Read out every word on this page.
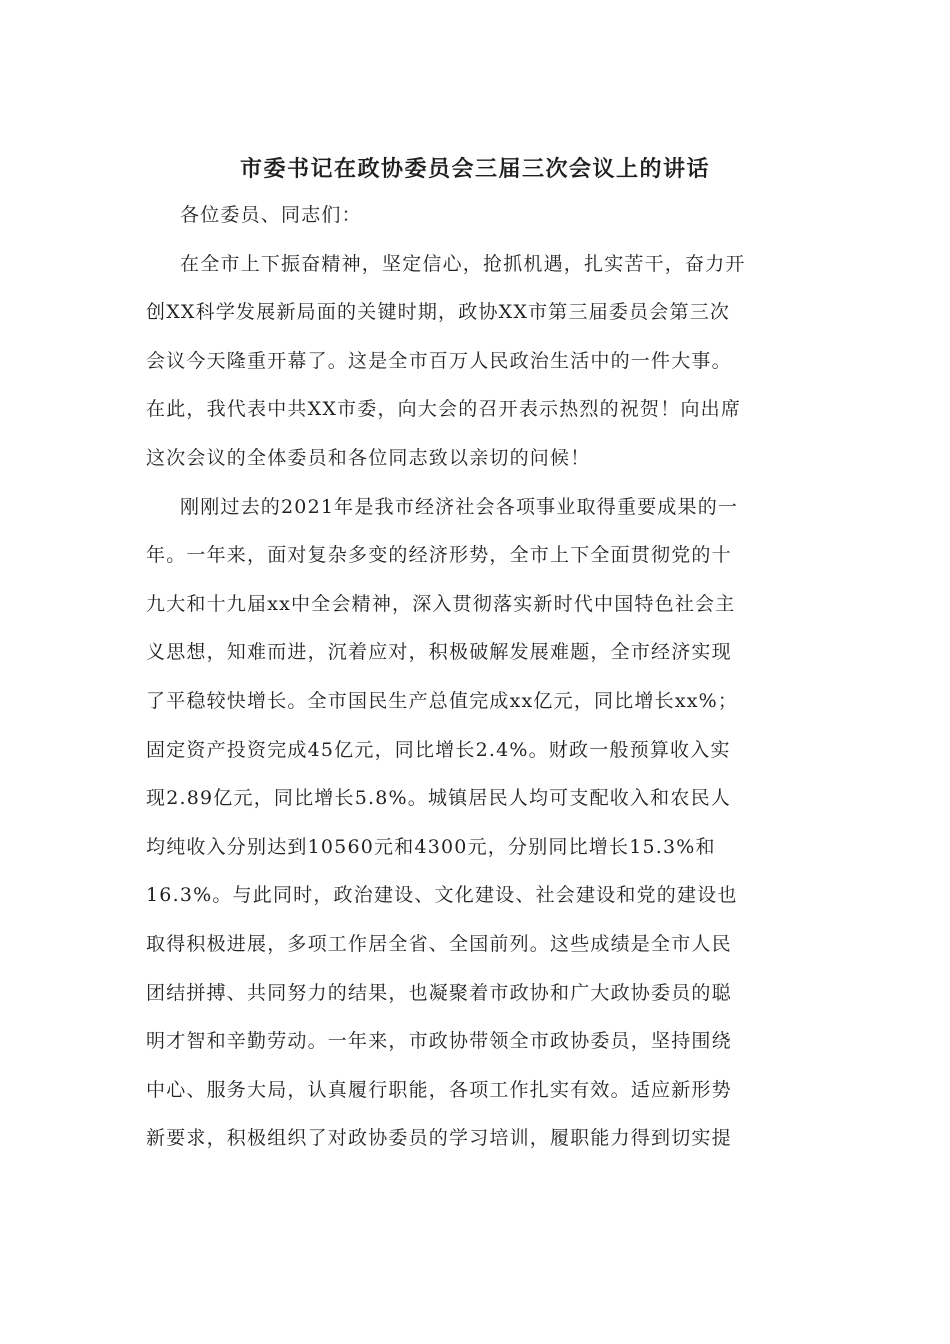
市委书记在政协委员会三届三次会议上的讲话
各位委员、同志们：
在全市上下振奋精神，坚定信心，抢抓机遇，扎实苦干，奋力开
创XX科学发展新局面的关键时期，政协XX市第三届委员会第三次
会议今天隆重开幕了。这是全市百万人民政治生活中的一件大事。
在此，我代表中共XX市委，向大会的召开表示热烈的祝贺！向出席
这次会议的全体委员和各位同志致以亲切的问候！
刚刚过去的2021年是我市经济社会各项事业取得重要成果的一
年。一年来，面对复杂多变的经济形势，全市上下全面贯彻党的十
九大和十九届xx中全会精神，深入贯彻落实新时代中国特色社会主
义思想，知难而进，沉着应对，积极破解发展难题，全市经济实现
了平稳较快增长。全市国民生产总值完成xx亿元，同比增长xx%；
固定资产投资完成45亿元，同比增长2.4%。财政一般预算收入实
现2.89亿元，同比增长5.8%。城镇居民人均可支配收入和农民人
均纯收入分别达到10560元和4300元，分别同比增长15.3%和
16.3%。与此同时，政治建设、文化建设、社会建设和党的建设也
取得积极进展，多项工作居全省、全国前列。这些成绩是全市人民
团结拼搏、共同努力的结果，也凝聚着市政协和广大政协委员的聪
明才智和辛勤劳动。一年来，市政协带领全市政协委员，坚持围绕
中心、服务大局，认真履行职能，各项工作扎实有效。适应新形势
新要求，积极组织了对政协委员的学习培训，履职能力得到切实提
